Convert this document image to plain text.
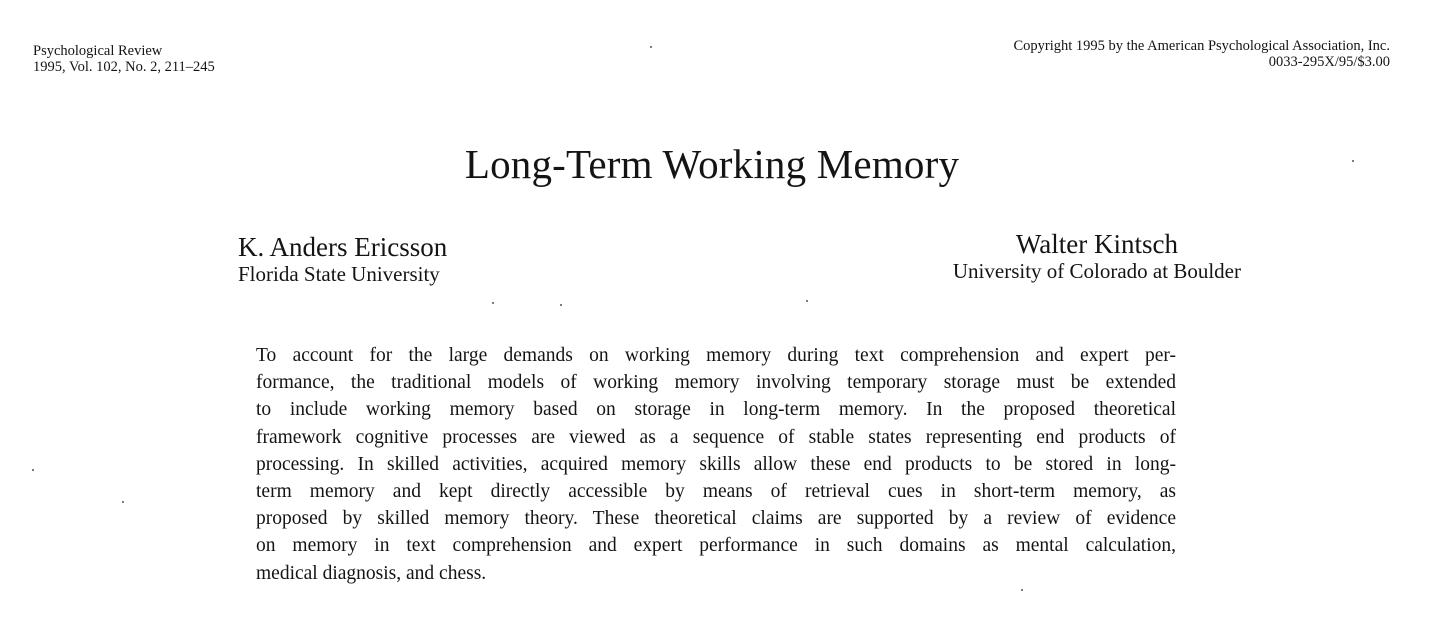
Psychological Review
1995, Vol. 102, No. 2, 211–245
Copyright 1995 by the American Psychological Association, Inc.
0033-295X/95/$3.00
Long-Term Working Memory
K. Anders Ericsson
Florida State University
Walter Kintsch
University of Colorado at Boulder
To account for the large demands on working memory during text comprehension and expert per-
formance, the traditional models of working memory involving temporary storage must be extended
to include working memory based on storage in long-term memory. In the proposed theoretical
framework cognitive processes are viewed as a sequence of stable states representing end products of
processing. In skilled activities, acquired memory skills allow these end products to be stored in long-
term memory and kept directly accessible by means of retrieval cues in short-term memory, as
proposed by skilled memory theory. These theoretical claims are supported by a review of evidence
on memory in text comprehension and expert performance in such domains as mental calculation,
medical diagnosis, and chess.
